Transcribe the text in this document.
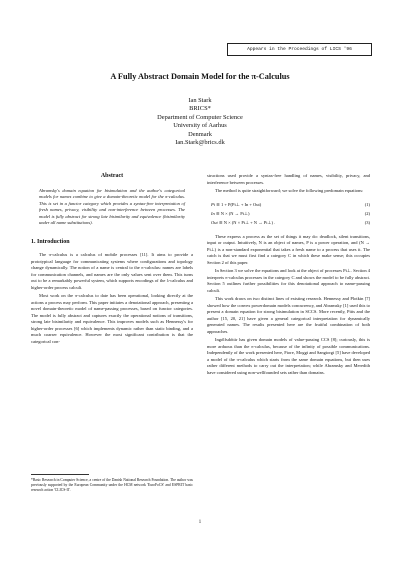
Appears in the Proceedings of LICS '96
A Fully Abstract Domain Model for the π-Calculus
Ian Stark
BRICS*
Department of Computer Science
University of Aarhus
Denmark
Ian.Stark@brics.dk
Abstract

Abramsky's domain equation for bisimulation and the author's categorical models for names combine to give a domain-theoretic model for the π-calculus. This is set in a functor category which provides a syntax-free interpretation of fresh names, privacy, visibility and non-interference between processes. The model is fully abstract for strong late bisimilarity and equivalence (bisimilarity under all name substitutions).

1. Introduction

The π-calculus is a calculus of mobile processes [11]. It aims to provide a prototypical language for communicating systems where configurations and topology change dynamically. The notion of a name is central to the π-calculus: names are labels for communication channels, and names are the only values sent over them. This turns out to be a remarkably powerful system, which supports encodings of the λ-calculus and higher-order process calculi.

Most work on the π-calculus to date has been operational, looking directly at the actions a process may perform. This paper initiates a denotational approach, presenting a novel domain-theoretic model of name-passing processes, based on functor categories. The model is fully abstract and captures exactly the operational notions of transitions, strong late bisimilarity and equivalence. This improves models such as Hennessy's for higher-order processes [6] which implements dynamic rather than static binding, and a much coarser equivalence. However the most significant contribution is that the categorical con-

structions used provide a syntax-free handling of names, visibility, privacy, and interference between processes.

The method is quite straightforward; we solve the following predomain equations:

Pi ≅ 1 + P(Pi⊥ + In + Out)	(1)
In ≅ N × (N → Pi⊥)	(2)
Out ≅ N × (N × Pi⊥ + N → Pi⊥) .	(3)

These express a process as the set of things it may do: deadlock, silent transitions, input or output. Intuitively, N is an object of names, P is a power operation, and (N → Pi⊥) is a non-standard exponential that takes a fresh name to a process that uses it. The catch is that we must first find a category C in which these make sense; this occupies Section 2 of this paper.

In Section 3 we solve the equations and look at the object of processes Pi⊥. Section 4 interprets π-calculus processes in the category C and shows the model to be fully abstract. Section 5 outlines further possibilities for this denotational approach to name-passing calculi.

This work draws on two distinct lines of existing research. Hennessy and Plotkin [7] showed how the convex powerdomain models concurrency, and Abramsky [1] used this to present a domain equation for strong bisimulation in SCCS. More recently, Pitts and the author [15, 20, 21] have given a general categorical interpretation for dynamically generated names. The results presented here are the fruitful combination of both approaches.

Ingólfsdóttir has given domain models of value-passing CCS [8]; curiously, this is more arduous than the π-calculus, because of the infinity of possible communications. Independently of the work presented here, Fiore, Moggi and Sangiorgi [5] have developed a model of the π-calculus which starts from the same domain equations, but then uses rather different methods to carry out the interpretation; while Abramsky and Meredith have considered using non-wellfounded sets rather than domains.

*Basic Research in Computer Science, a centre of the Danish National Research Foundation. The author was previously supported by the European Community under the HCM network 'EuroFoCS' and ESPRIT basic research action 'CLICS-II'.
1
